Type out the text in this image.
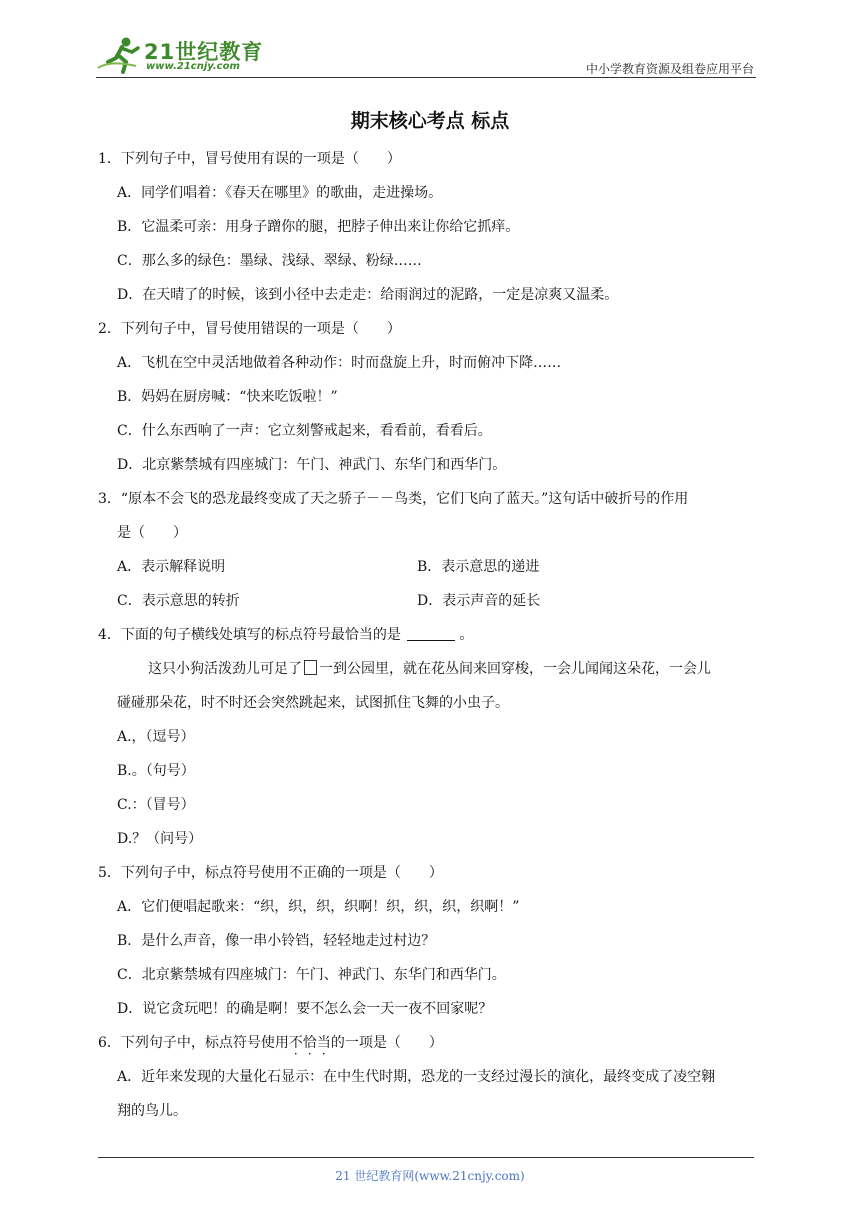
21世纪教育
www.21cnjy.com	中小学教育资源及组卷应用平台
期末核心考点 标点
1．下列句子中，冒号使用有误的一项是（　　）
A．同学们唱着：《春天在哪里》的歌曲，走进操场。
B．它温柔可亲：用身子蹭你的腿，把脖子伸出来让你给它抓痒。
C．那么多的绿色：墨绿、浅绿、翠绿、粉绿……
D．在天晴了的时候，该到小径中去走走：给雨润过的泥路，一定是凉爽又温柔。
2．下列句子中，冒号使用错误的一项是（　　）
A．飞机在空中灵活地做着各种动作：时而盘旋上升，时而俯冲下降……
B．妈妈在厨房喊：“快来吃饭啦！”
C．什么东西响了一声：它立刻警戒起来，看看前，看看后。
D．北京紫禁城有四座城门：午门、神武门、东华门和西华门。
3．“原本不会飞的恐龙最终变成了天之骄子－－鸟类，它们飞向了蓝天。”这句话中破折号的作用
是（　　）
A．表示解释说明	B．表示意思的递进
C．表示意思的转折	D．表示声音的延长
4．下面的句子横线处填写的标点符号最恰当的是	。
这只小狗活泼劲儿可足了 一到公园里，就在花丛间来回穿梭，一会儿闻闻这朵花，一会儿
碰碰那朵花，时不时还会突然跳起来，试图抓住飞舞的小虫子。
A.，（逗号）
B.。（句号）
C.：（冒号）
D.？（问号）
5．下列句子中，标点符号使用不正确的一项是（　　）
A．它们便唱起歌来：“织，织，织，织啊！织，织，织，织啊！”
B．是什么声音，像一串小铃铛，轻轻地走过村边？
C．北京紫禁城有四座城门：午门、神武门、东华门和西华门。
D．说它贪玩吧！的确是啊！要不怎么会一天一夜不回家呢？
6．下列句子中，标点符号使用不恰当的一项是（　　）
A．近年来发现的大量化石显示：在中生代时期，恐龙的一支经过漫长的演化，最终变成了凌空翱
翔的鸟儿。
21 世纪教育网(www.21cnjy.com)
